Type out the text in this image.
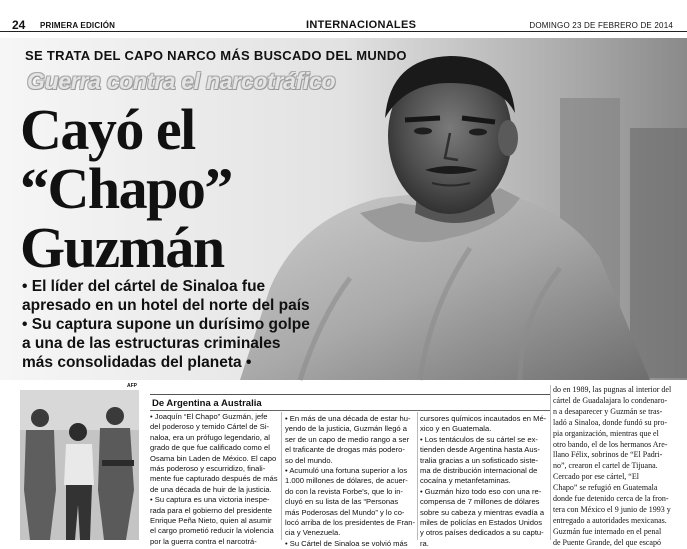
24 PRIMERA EDICIÓN	INTERNACIONALES	DOMINGO 23 DE FEBRERO DE 2014
SE TRATA DEL CAPO NARCO MÁS BUSCADO DEL MUNDO
Guerra contra el narcotráfico
Cayó el
“Chapo”
Guzmán
• El líder del cártel de Sinaloa fue
apresado en un hotel del norte del país
• Su captura supone un durísimo golpe
a una de las estructuras criminales
más consolidadas del planeta •
AFP
De Argentina a Australia
• Joaquín “El Chapo” Guzmán, jefe
del poderoso y temido Cártel de Si-
naloa, era un prófugo legendario, al
grado de que fue calificado como el
Osama bin Laden de México. El capo
más poderoso y escurridizo, finali-
mente fue capturado después de más
de una década de huir de la justicia.
• Su captura es una victoria inespe-
rada para el gobierno del presidente
Enrique Peña Nieto, quien al asumir
el cargo prometió reducir la violencia
por la guerra contra el narcotrá-
• En más de una década de estar hu-
yendo de la justicia, Guzmán llegó a
ser de un capo de medio rango a ser
el traficante de drogas más podero-
so del mundo.
• Acumuló una fortuna superior a los
1.000 millones de dólares, de acuer-
do con la revista Forbe's, que lo in-
cluyó en su lista de las “Personas
más Poderosas del Mundo” y lo co-
locó arriba de los presidentes de Fran-
cia y Venezuela.
• Su Cártel de Sinaloa se volvió más
cursores químicos incautados en Mé-
xico y en Guatemala.
• Los tentáculos de su cártel se ex-
tienden desde Argentina hasta Aus-
tralia gracias a un sofisticado siste-
ma de distribución internacional de
cocaína y metanfetaminas.
• Guzmán hizo todo eso con una re-
compensa de 7 millones de dólares
sobre su cabeza y mientras evadía a
miles de policías en Estados Unidos
y otros países dedicados a su captu-
ra.
do en 1989, las pugnas al interior del
cártel de Guadalajara lo condenaro-
n a desaparecer y Guzmán se tras-
ladó a Sinaloa, donde fundó su pro-
pia organización, mientras que el
otro bando, el de los hermanos Are-
llano Félix, sobrinos de “El Padri-
no”, crearon el cartel de Tijuana.
Cercado por ese cártel, “El
Chapo” se refugió en Guatemala
donde fue detenido cerca de la fron-
tera con México el 9 junio de 1993 y
entregado a autoridades mexicanas.
Guzmán fue internado en el penal
de Puente Grande, del que escapó
